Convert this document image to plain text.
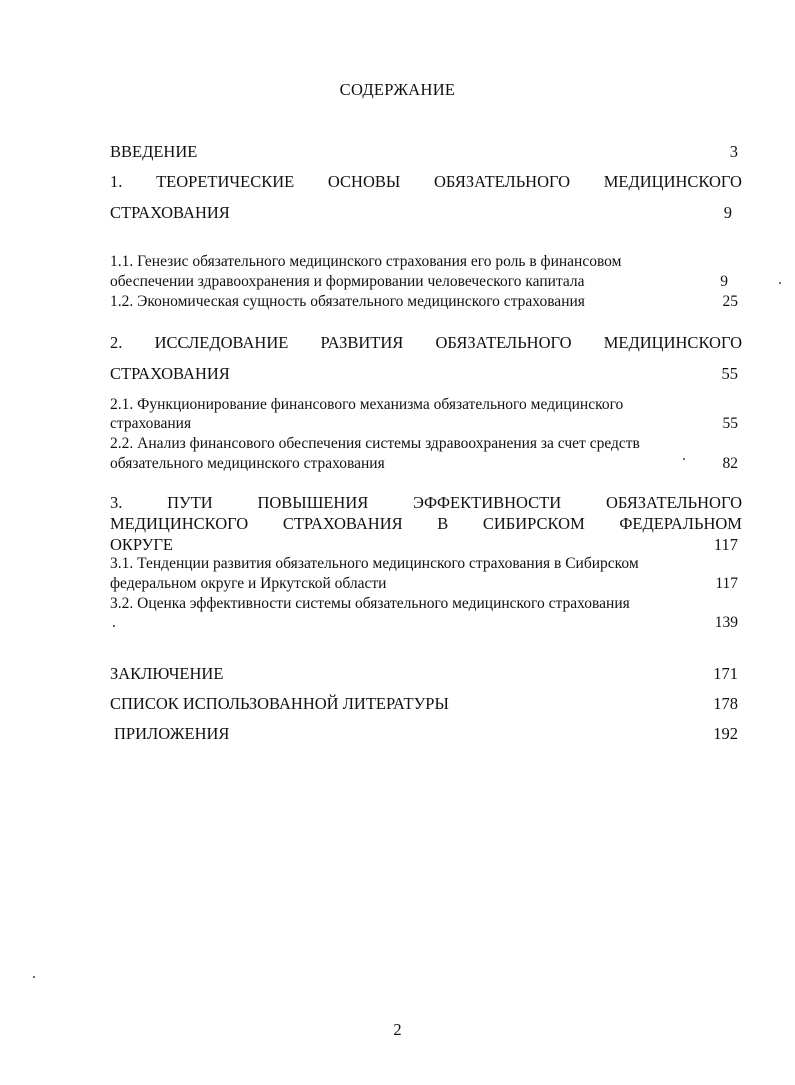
СОДЕРЖАНИЕ
ВВЕДЕНИЕ	3
1. ТЕОРЕТИЧЕСКИЕ ОСНОВЫ ОБЯЗАТЕЛЬНОГО МЕДИЦИНСКОГО
СТРАХОВАНИЯ	9
1.1. Генезис обязательного медицинского страхования его роль в финансовом
обеспечении здравоохранения и формировании человеческого капитала	9
1.2. Экономическая сущность обязательного медицинского страхования	25
2. ИССЛЕДОВАНИЕ РАЗВИТИЯ ОБЯЗАТЕЛЬНОГО МЕДИЦИНСКОГО
СТРАХОВАНИЯ	55
2.1. Функционирование финансового механизма обязательного медицинского
страхования	55
2.2. Анализ финансового обеспечения системы здравоохранения за счет средств
обязательного медицинского страхования	82
3.	ПУТИ	ПОВЫШЕНИЯ	ЭФФЕКТИВНОСТИ	ОБЯЗАТЕЛЬНОГО
МЕДИЦИНСКОГО СТРАХОВАНИЯ В СИБИРСКОМ ФЕДЕРАЛЬНОМ
ОКРУГЕ	117
3.1. Тенденции развития обязательного медицинского страхования в Сибирском
федеральном округе и Иркутской области	117
3.2. Оценка эффективности системы обязательного медицинского страхования
.	139
ЗАКЛЮЧЕНИЕ	171
СПИСОК ИСПОЛЬЗОВАННОЙ ЛИТЕРАТУРЫ	178
ПРИЛОЖЕНИЯ	192
2
